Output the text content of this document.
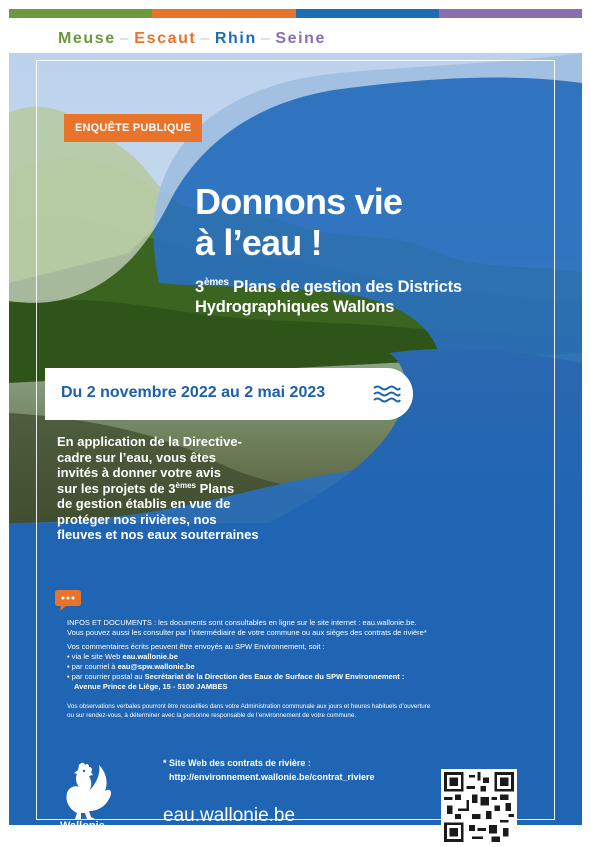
Meuse – Escaut – Rhin – Seine
ENQUÊTE PUBLIQUE
Donnons vie
à l’eau !
3èmes Plans de gestion des Districts
Hydrographiques Wallons
Du 2 novembre 2022 au 2 mai 2023
En application de la Directive-
cadre sur l’eau, vous êtes
invités à donner votre avis
sur les projets de 3èmes Plans
de gestion établis en vue de
protéger nos rivières, nos
fleuves et nos eaux souterraines

INFOS ET DOCUMENTS : les documents sont consultables en ligne sur le site internet : eau.wallonie.be.

Vous pouvez aussi les consulter par l’intermédiaire de votre commune ou aux sièges des contrats de rivière*

Vos commentaires écrits peuvent être envoyés au SPW Environnement, soit :

• via le site Web eau.wallonie.be

• par courriel à eau@spw.wallonie.be

• par courrier postal au Secrétariat de la Direction des Eaux de Surface du SPW Environnement :

Avenue Prince de Liège, 15 - 5100 JAMBES

Vos observations verbales pourront être recueillies dans votre Administration communale aux jours et heures habituels d’ouverture

ou sur rendez-vous, à déterminer avec la personne responsable de l’environnement de votre commune.

Wallonie
* Site Web des contrats de rivière :
http://environnement.wallonie.be/contrat_riviere
eau.wallonie.be
Cycle 2022-2027
